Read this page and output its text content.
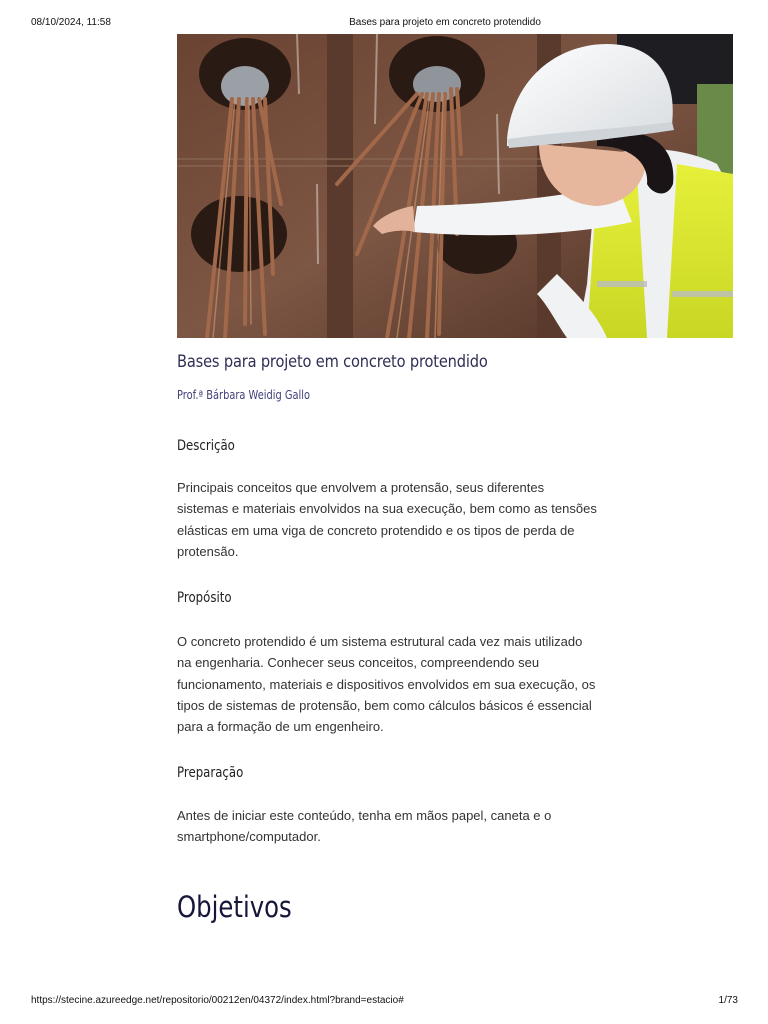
08/10/2024, 11:58	Bases para projeto em concreto protendido
Bases para projeto em concreto protendido
Prof.ª Bárbara Weidig Gallo
Descrição
Principais conceitos que envolvem a protensão, seus diferentes sistemas e materiais envolvidos na sua execução, bem como as tensões elásticas em uma viga de concreto protendido e os tipos de perda de protensão.
Propósito
O concreto protendido é um sistema estrutural cada vez mais utilizado na engenharia. Conhecer seus conceitos, compreendendo seu funcionamento, materiais e dispositivos envolvidos em sua execução, os tipos de sistemas de protensão, bem como cálculos básicos é essencial para a formação de um engenheiro.
Preparação
Antes de iniciar este conteúdo, tenha em mãos papel, caneta e o smartphone/computador.
Objetivos
https://stecine.azureedge.net/repositorio/00212en/04372/index.html?brand=estacio#	1/73
